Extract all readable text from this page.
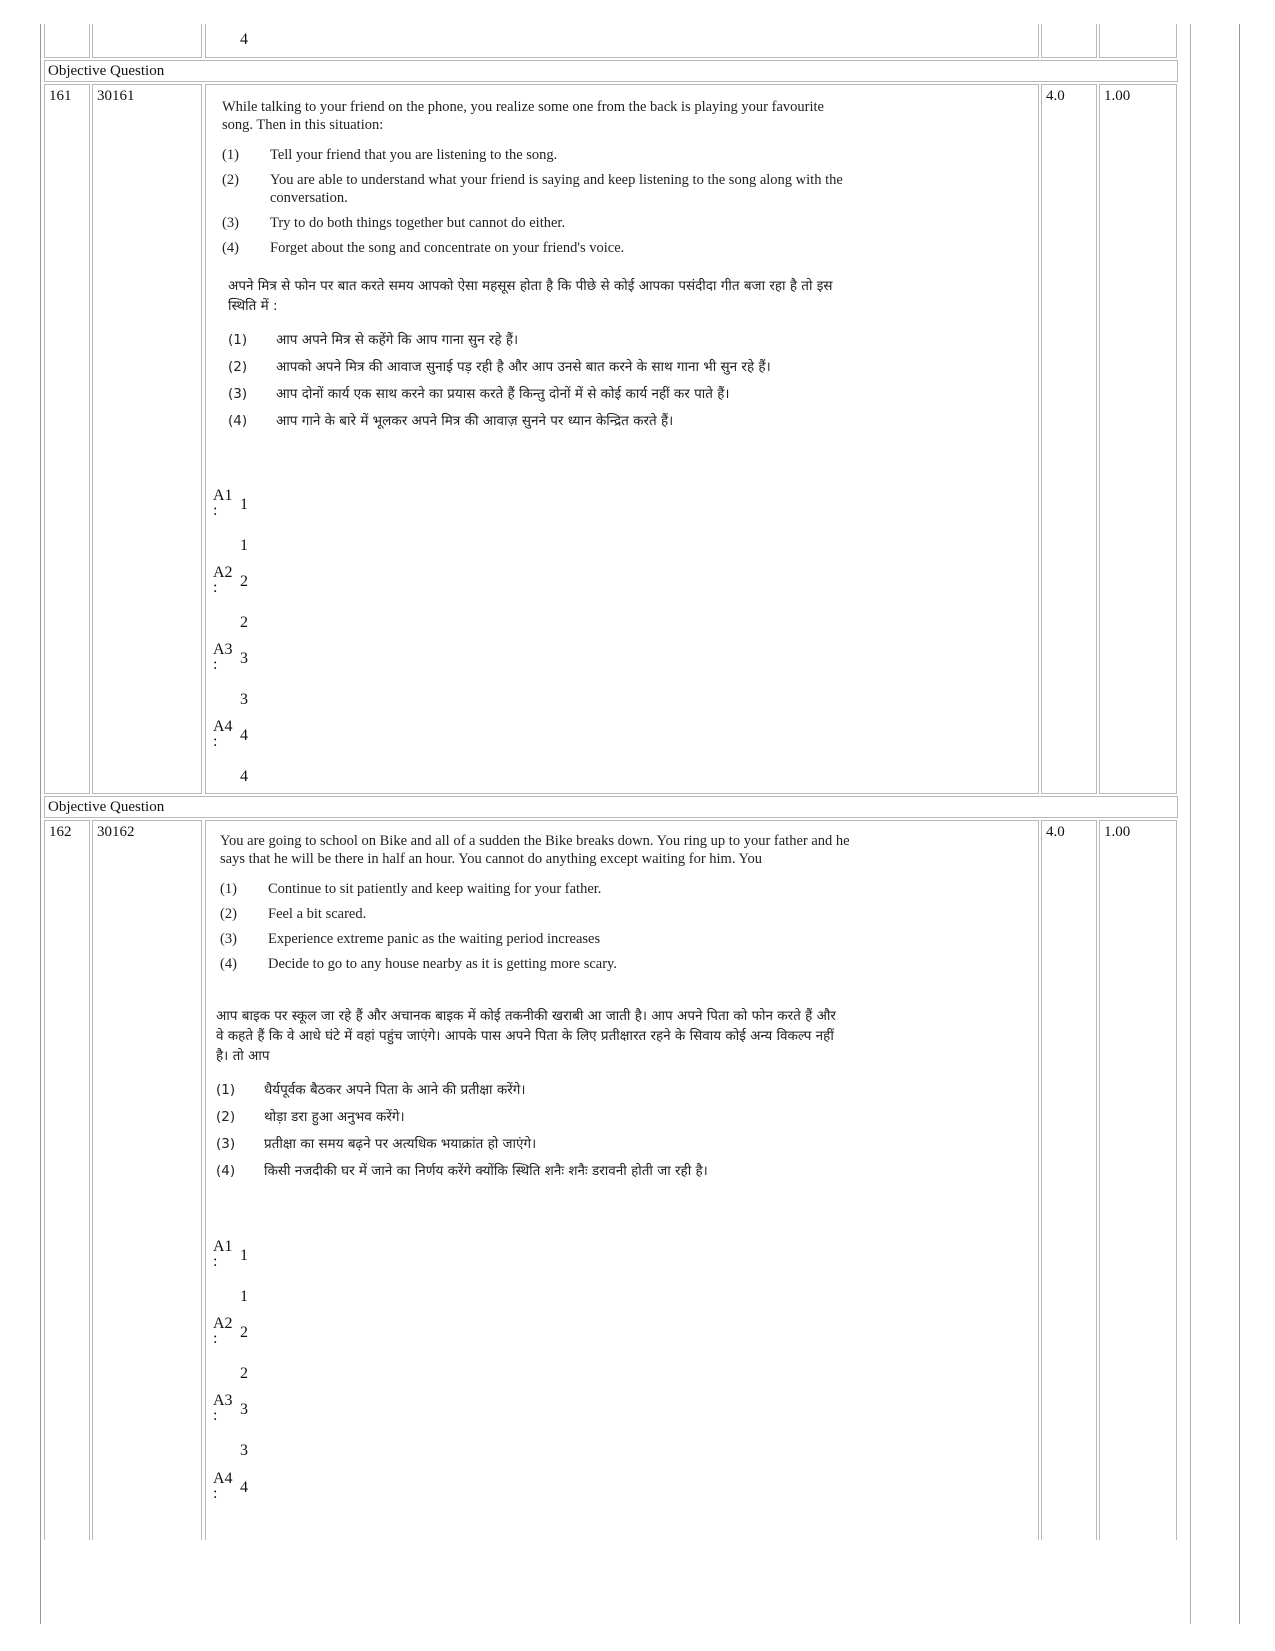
4
Objective Question
161	30161	4.0	1.00

While talking to your friend on the phone, you realize some one from the back is playing your favourite song. Then in this situation:

(1)	Tell your friend that you are listening to the song.
(2)	You are able to understand what your friend is saying and keep listening to the song along with the conversation.
(3)	Try to do both things together but cannot do either.
(4)	Forget about the song and concentrate on your friend's voice.

अपने मित्र से फोन पर बात करते समय आपको ऐसा महसूस होता है कि पीछे से कोई आपका पसंदीदा गीत बजा रहा है तो इस स्थिति में :

(1)	आप अपने मित्र से कहेंगे कि आप गाना सुन रहे हैं।
(2)	आपको अपने मित्र की आवाज सुनाई पड़ रही है और आप उनसे बात करने के साथ गाना भी सुन रहे हैं।
(3)	आप दोनों कार्य एक साथ करने का प्रयास करते हैं किन्तु दोनों में से कोई कार्य नहीं कर पाते हैं।
(4)	आप गाने के बारे में भूलकर अपने मित्र की आवाज़ सुनने पर ध्यान केन्द्रित करते हैं।
A1
: 1
1
A2
: 2
2
A3
: 3
3
A4
: 4
4
Objective Question
162	30162	4.0	1.00

You are going to school on Bike and all of a sudden the Bike breaks down. You ring up to your father and he says that he will be there in half an hour. You cannot do anything except waiting for him. You

(1)	Continue to sit patiently and keep waiting for your father.
(2)	Feel a bit scared.
(3)	Experience extreme panic as the waiting period increases
(4)	Decide to go to any house nearby as it is getting more scary.

आप बाइक पर स्कूल जा रहे हैं और अचानक बाइक में कोई तकनीकी खराबी आ जाती है। आप अपने पिता को फोन करते हैं और वे कहते हैं कि वे आधे घंटे में वहां पहुंच जाएंगे। आपके पास अपने पिता के लिए प्रतीक्षारत रहने के सिवाय कोई अन्य विकल्प नहीं है। तो आप

(1)	धैर्यपूर्वक बैठकर अपने पिता के आने की प्रतीक्षा करेंगे।
(2)	थोड़ा डरा हुआ अनुभव करेंगे।
(3)	प्रतीक्षा का समय बढ़ने पर अत्यधिक भयाक्रांत हो जाएंगे।
(4)	किसी नजदीकी घर में जाने का निर्णय करेंगे क्योंकि स्थिति शनैः शनैः डरावनी होती जा रही है।
A1
: 1
1
A2
: 2
2
A3
: 3
3
A4
: 4
